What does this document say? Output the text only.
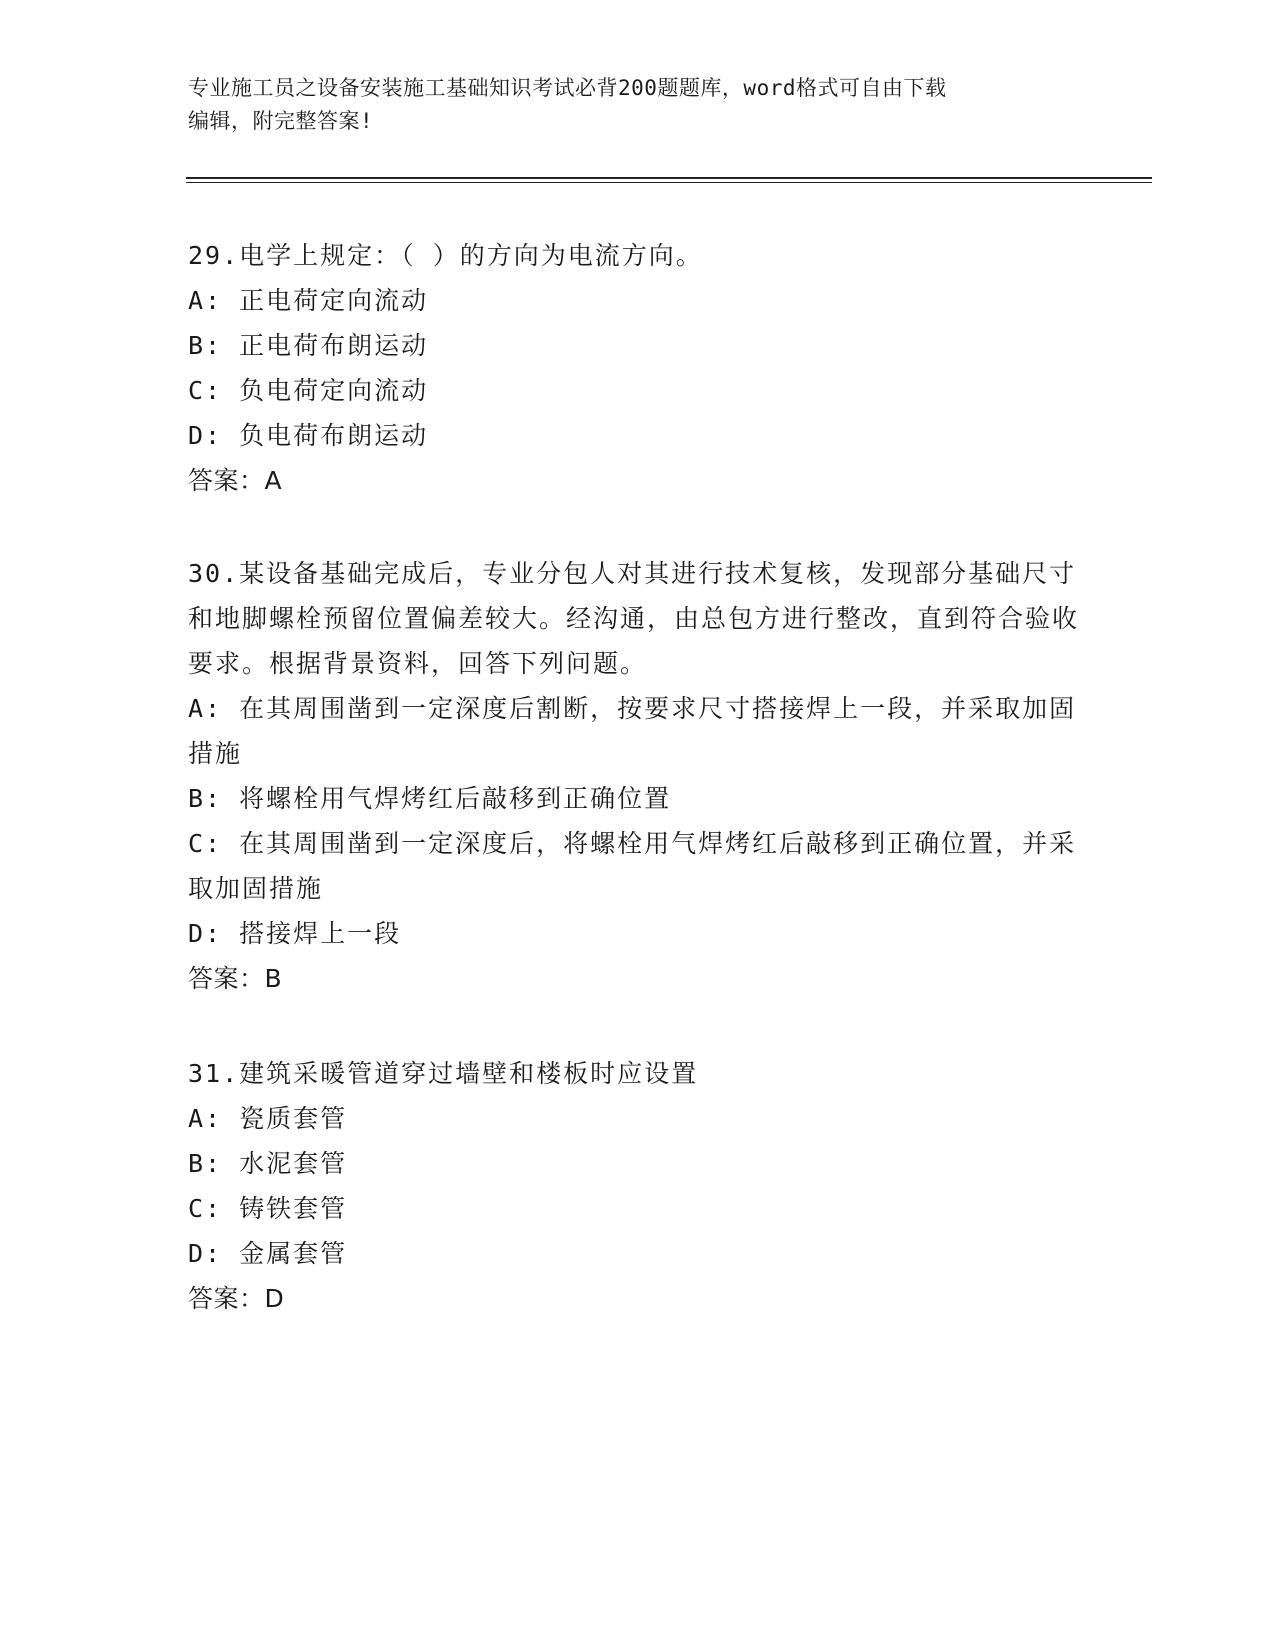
专业施工员之设备安装施工基础知识考试必背200题题库，word格式可自由下载
编辑，附完整答案!
29.电学上规定：（ ）的方向为电流方向。
A: 正电荷定向流动
B: 正电荷布朗运动
C: 负电荷定向流动
D: 负电荷布朗运动
答案：A
30.某设备基础完成后，专业分包人对其进行技术复核，发现部分基础尺寸和地脚螺栓预留位置偏差较大。经沟通，由总包方进行整改，直到符合验收要求。根据背景资料，回答下列问题。
A: 在其周围凿到一定深度后割断，按要求尺寸搭接焊上一段，并采取加固措施
B: 将螺栓用气焊烤红后敲移到正确位置
C: 在其周围凿到一定深度后，将螺栓用气焊烤红后敲移到正确位置，并采取加固措施
D: 搭接焊上一段
答案：B
31.建筑采暖管道穿过墙壁和楼板时应设置
A: 瓷质套管
B: 水泥套管
C: 铸铁套管
D: 金属套管
答案：D
